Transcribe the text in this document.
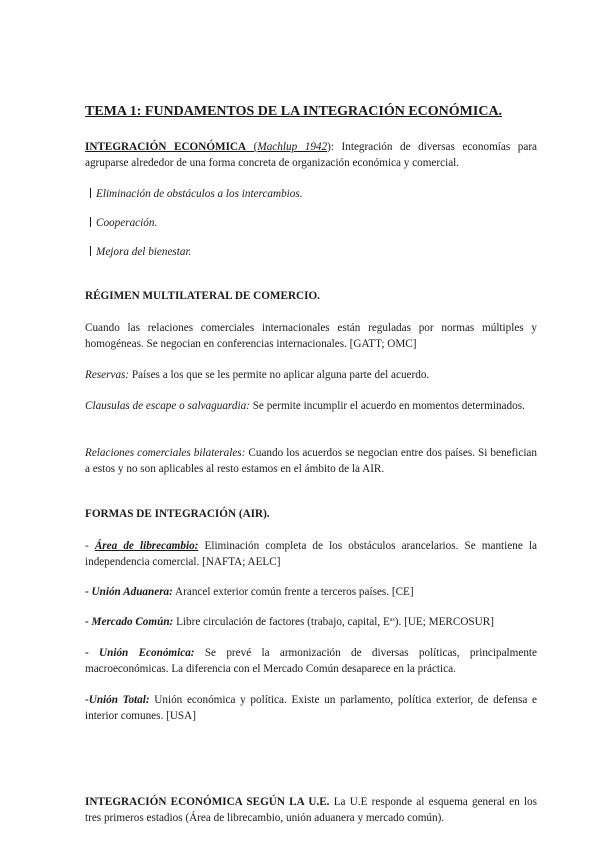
TEMA 1: FUNDAMENTOS DE LA INTEGRACIÓN ECONÓMICA.

INTEGRACIÓN ECONÓMICA (Machlup 1942): Integración de diversas economías para agruparse alrededor de una forma concreta de organización económica y comercial.

Eliminación de obstáculos a los intercambios.
Cooperación.
Mejora del bienestar.

RÉGIMEN MULTILATERAL DE COMERCIO.

Cuando las relaciones comerciales internacionales están reguladas por normas múltiples y homogéneas. Se negocian en conferencias internacionales. [GATT; OMC]

Reservas: Países a los que se les permite no aplicar alguna parte del acuerdo.

Clausulas de escape o salvaguardia: Se permite incumplir el acuerdo en momentos determinados.

Relaciones comerciales bilaterales: Cuando los acuerdos se negocian entre dos países. Si benefician a estos y no son aplicables al resto estamos en el ámbito de la AIR.

FORMAS DE INTEGRACIÓN (AIR).

- Área de librecambio: Eliminación completa de los obstáculos arancelarios. Se mantiene la independencia comercial. [NAFTA; AELC]

- Unión Aduanera: Arancel exterior común frente a terceros países. [CE]

- Mercado Común: Libre circulación de factores (trabajo, capital, $E^{as}$). [UE; MERCOSUR]

- Unión Económica: Se prevé la armonización de diversas políticas, principalmente macroeconómicas. La diferencia con el Mercado Común desaparece en la práctica.

-Unión Total: Unión económica y política. Existe un parlamento, política exterior, de defensa e interior comunes. [USA]

INTEGRACIÓN ECONÓMICA SEGÚN LA U.E. La U.E responde al esquema general en los tres primeros estadios (Área de librecambio, unión aduanera y mercado común).
